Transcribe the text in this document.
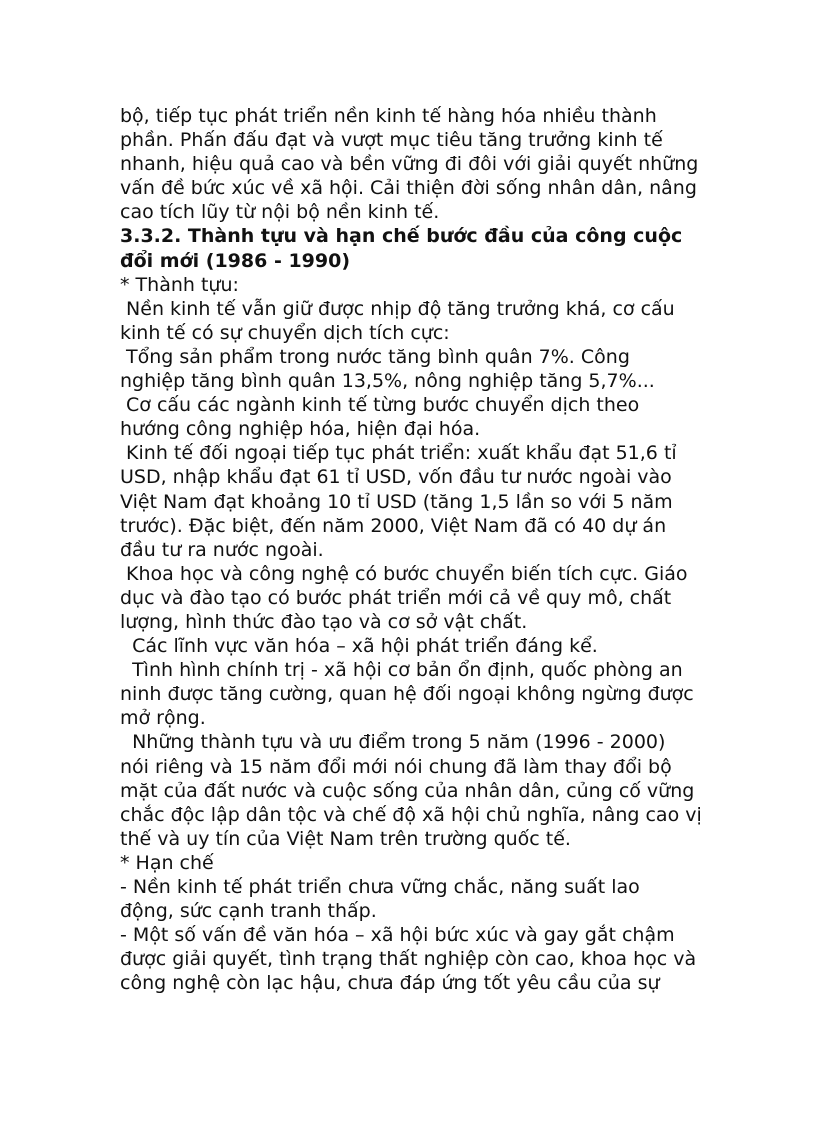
bộ, tiếp tục phát triển nền kinh tế hàng hóa nhiều thành
phần. Phấn đấu đạt và vượt mục tiêu tăng trưởng kinh tế
nhanh, hiệu quả cao và bền vững đi đôi với giải quyết những
vấn đề bức xúc về xã hội. Cải thiện đời sống nhân dân, nâng
cao tích lũy từ nội bộ nền kinh tế.
3.3.2. Thành tựu và hạn chế bước đầu của công cuộc
đổi mới (1986 - 1990)
* Thành tựu:
Nền kinh tế vẫn giữ được nhịp độ tăng trưởng khá, cơ cấu
kinh tế có sự chuyển dịch tích cực:
Tổng sản phẩm trong nước tăng bình quân 7%. Công
nghiệp tăng bình quân 13,5%, nông nghiệp tăng 5,7%...
Cơ cấu các ngành kinh tế từng bước chuyển dịch theo
hướng công nghiệp hóa, hiện đại hóa.
Kinh tế đối ngoại tiếp tục phát triển: xuất khẩu đạt 51,6 tỉ
USD, nhập khẩu đạt 61 tỉ USD, vốn đầu tư nước ngoài vào
Việt Nam đạt khoảng 10 tỉ USD (tăng 1,5 lần so với 5 năm
trước). Đặc biệt, đến năm 2000, Việt Nam đã có 40 dự án
đầu tư ra nước ngoài.
Khoa học và công nghệ có bước chuyển biến tích cực. Giáo
dục và đào tạo có bước phát triển mới cả về quy mô, chất
lượng, hình thức đào tạo và cơ sở vật chất.
Các lĩnh vực văn hóa – xã hội phát triển đáng kể.
Tình hình chính trị - xã hội cơ bản ổn định, quốc phòng an
ninh được tăng cường, quan hệ đối ngoại không ngừng được
mở rộng.
Những thành tựu và ưu điểm trong 5 năm (1996 - 2000)
nói riêng và 15 năm đổi mới nói chung đã làm thay đổi bộ
mặt của đất nước và cuộc sống của nhân dân, củng cố vững
chắc độc lập dân tộc và chế độ xã hội chủ nghĩa, nâng cao vị
thế và uy tín của Việt Nam trên trường quốc tế.
* Hạn chế
- Nền kinh tế phát triển chưa vững chắc, năng suất lao
động, sức cạnh tranh thấp.
- Một số vấn đề văn hóa – xã hội bức xúc và gay gắt chậm
được giải quyết, tình trạng thất nghiệp còn cao, khoa học và
công nghệ còn lạc hậu, chưa đáp ứng tốt yêu cầu của sự
